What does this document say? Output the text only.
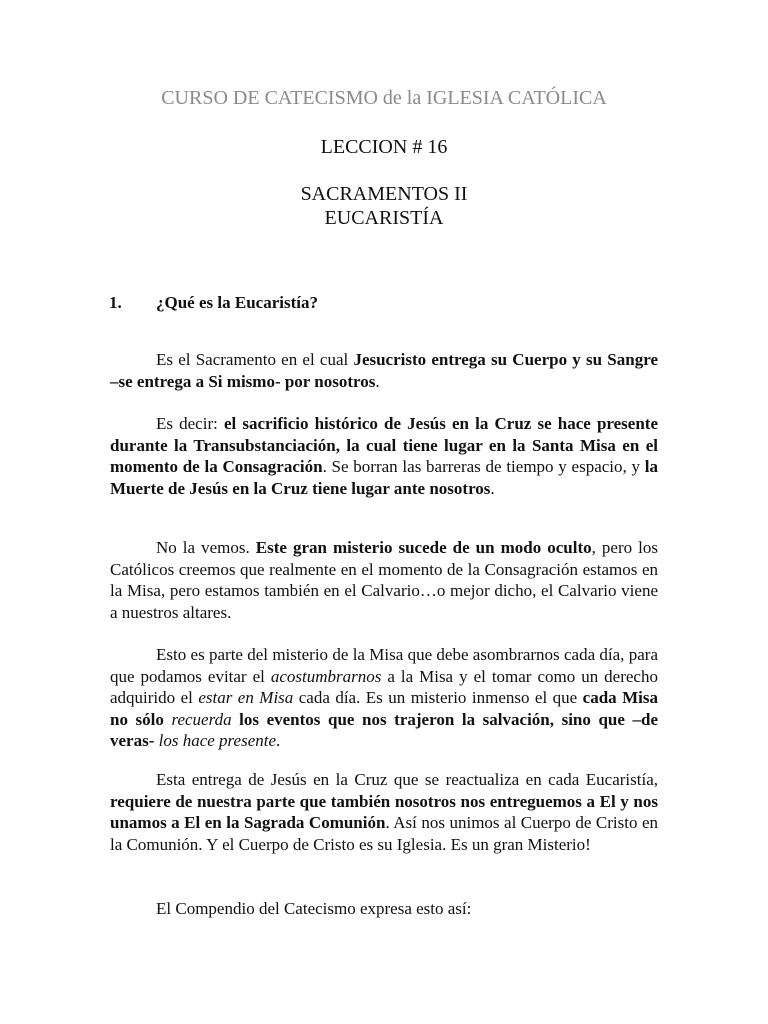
CURSO DE CATECISMO de la IGLESIA CATÓLICA
LECCION # 16
SACRAMENTOS II
EUCARISTÍA
1. ¿Qué es la Eucaristía?

Es el Sacramento en el cual Jesucristo entrega su Cuerpo y su Sangre –se entrega a Si mismo- por nosotros.

Es decir: el sacrificio histórico de Jesús en la Cruz se hace presente durante la Transubstanciación, la cual tiene lugar en la Santa Misa en el momento de la Consagración. Se borran las barreras de tiempo y espacio, y la Muerte de Jesús en la Cruz tiene lugar ante nosotros.

No la vemos. Este gran misterio sucede de un modo oculto, pero los Católicos creemos que realmente en el momento de la Consagración estamos en la Misa, pero estamos también en el Calvario…o mejor dicho, el Calvario viene a nuestros altares.

Esto es parte del misterio de la Misa que debe asombrarnos cada día, para que podamos evitar el acostumbrarnos a la Misa y el tomar como un derecho adquirido el estar en Misa cada día. Es un misterio inmenso el que cada Misa no sólo recuerda los eventos que nos trajeron la salvación, sino que –de veras- los hace presente.

Esta entrega de Jesús en la Cruz que se reactualiza en cada Eucaristía, requiere de nuestra parte que también nosotros nos entreguemos a El y nos unamos a El en la Sagrada Comunión. Así nos unimos al Cuerpo de Cristo en la Comunión. Y el Cuerpo de Cristo es su Iglesia. Es un gran Misterio!

El Compendio del Catecismo expresa esto así:
